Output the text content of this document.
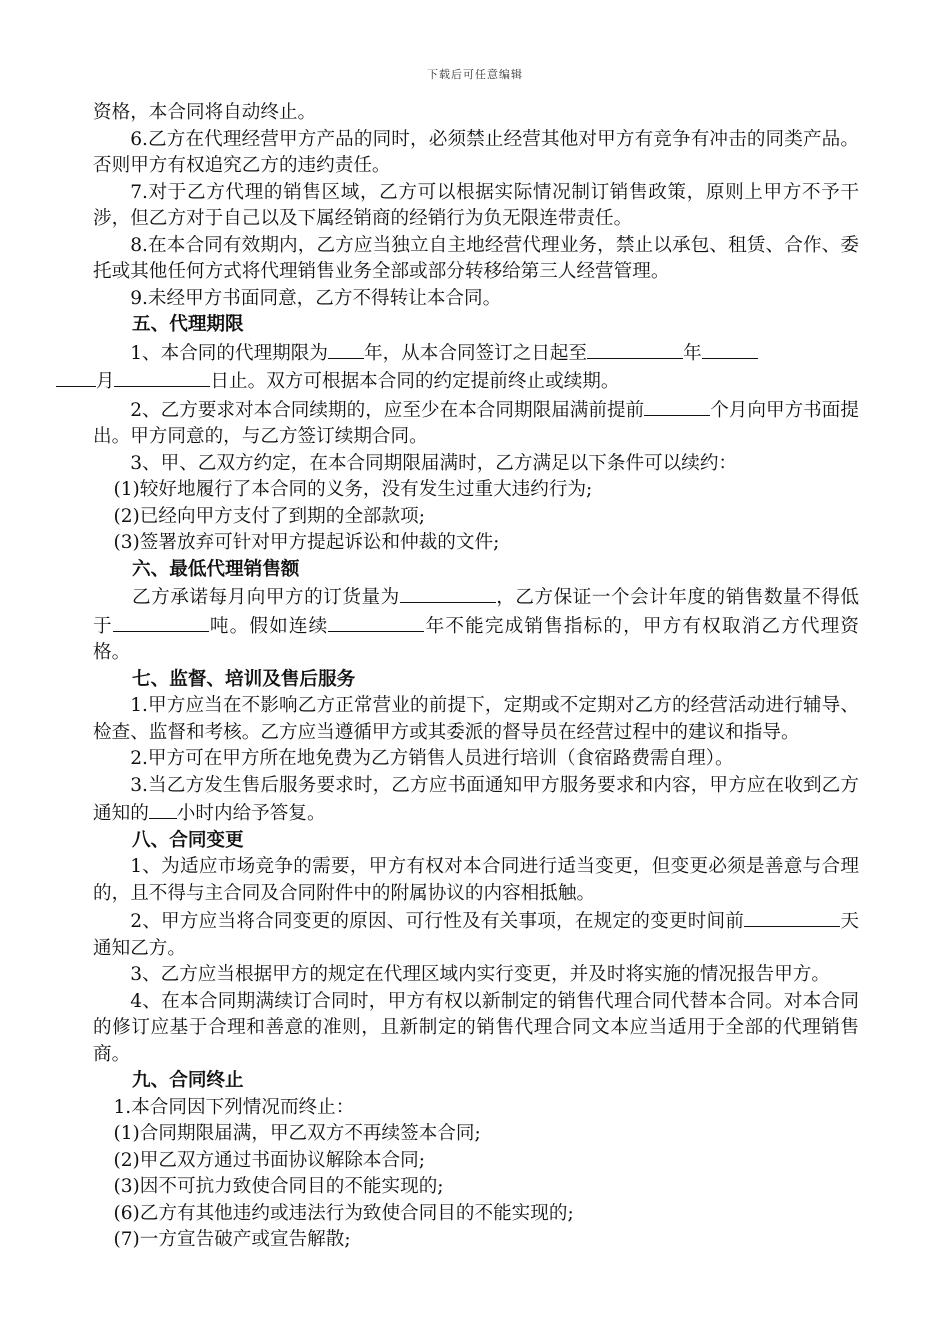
下载后可任意编辑

资格，本合同将自动终止。

6.乙方在代理经营甲方产品的同时，必须禁止经营其他对甲方有竞争有冲击的同类产品。否则甲方有权追究乙方的违约责任。

7.对于乙方代理的销售区域，乙方可以根据实际情况制订销售政策，原则上甲方不予干涉，但乙方对于自己以及下属经销商的经销行为负无限连带责任。

8.在本合同有效期内，乙方应当独立自主地经营代理业务，禁止以承包、租赁、合作、委托或其他任何方式将代理销售业务全部或部分转移给第三人经营管理。

9.未经甲方书面同意，乙方不得转让本合同。

五、代理期限

1、本合同的代理期限为 年，从本合同签订之日起至	年
月	日止。双方可根据本合同的约定提前终止或续期。

2、乙方要求对本合同续期的，应至少在本合同期限届满前提前	个月向甲方书面提出。甲方同意的，与乙方签订续期合同。

3、甲、乙双方约定，在本合同期限届满时，乙方满足以下条件可以续约：

(1)较好地履行了本合同的义务，没有发生过重大违约行为;

(2)已经向甲方支付了到期的全部款项;

(3)签署放弃可针对甲方提起诉讼和仲裁的文件;

六、最低代理销售额

乙方承诺每月向甲方的订货量为	，乙方保证一个会计年度的销售数量不得低于	吨。假如连续	年不能完成销售指标的，甲方有权取消乙方代理资格。

七、监督、培训及售后服务

1.甲方应当在不影响乙方正常营业的前提下，定期或不定期对乙方的经营活动进行辅导、检查、监督和考核。乙方应当遵循甲方或其委派的督导员在经营过程中的建议和指导。

2.甲方可在甲方所在地免费为乙方销售人员进行培训（食宿路费需自理）。

3.当乙方发生售后服务要求时，乙方应书面通知甲方服务要求和内容，甲方应在收到乙方通知的 小时内给予答复。

八、合同变更

1、为适应市场竞争的需要，甲方有权对本合同进行适当变更，但变更必须是善意与合理的，且不得与主合同及合同附件中的附属协议的内容相抵触。

2、甲方应当将合同变更的原因、可行性及有关事项，在规定的变更时间前	天通知乙方。

3、乙方应当根据甲方的规定在代理区域内实行变更，并及时将实施的情况报告甲方。

4、在本合同期满续订合同时，甲方有权以新制定的销售代理合同代替本合同。对本合同的修订应基于合理和善意的准则，且新制定的销售代理合同文本应当适用于全部的代理销售商。

九、合同终止

1.本合同因下列情况而终止：

(1)合同期限届满，甲乙双方不再续签本合同;

(2)甲乙双方通过书面协议解除本合同;

(3)因不可抗力致使合同目的不能实现的;

(6)乙方有其他违约或违法行为致使合同目的不能实现的;

(7)一方宣告破产或宣告解散;
